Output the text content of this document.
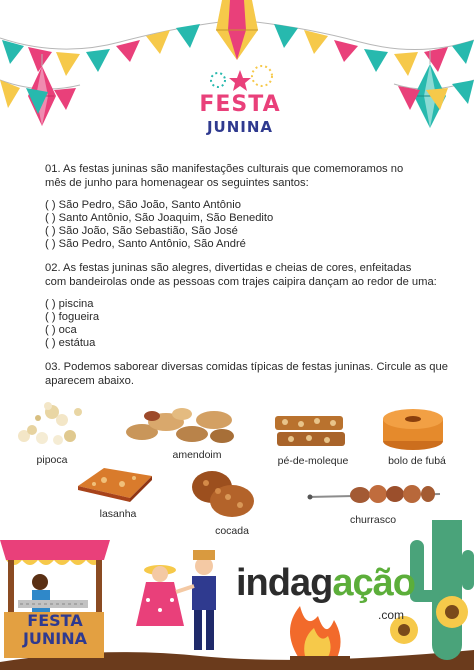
FESTA
JUNINA
01. As festas juninas são manifestações culturais que comemoramos no
mês de junho para homenagear os seguintes santos:
( ) São Pedro, São João, Santo Antônio
( ) Santo Antônio, São Joaquim, São Benedito
( ) São João, São Sebastião, São José
( ) São Pedro, Santo Antônio, São André
02. As festas juninas são alegres, divertidas e cheias de cores, enfeitadas
com bandeirolas onde as pessoas com trajes caipira dançam ao redor de uma:
( ) piscina
( ) fogueira
( ) oca
( ) estátua
03. Podemos saborear diversas comidas típicas de festas juninas. Circule as que
aparecem abaixo.
pipoca	amendoim	pé-de-moleque	bolo de fubá
lasanha
cocada
churrasco
FESTA
JUNINA
indagação
.com
